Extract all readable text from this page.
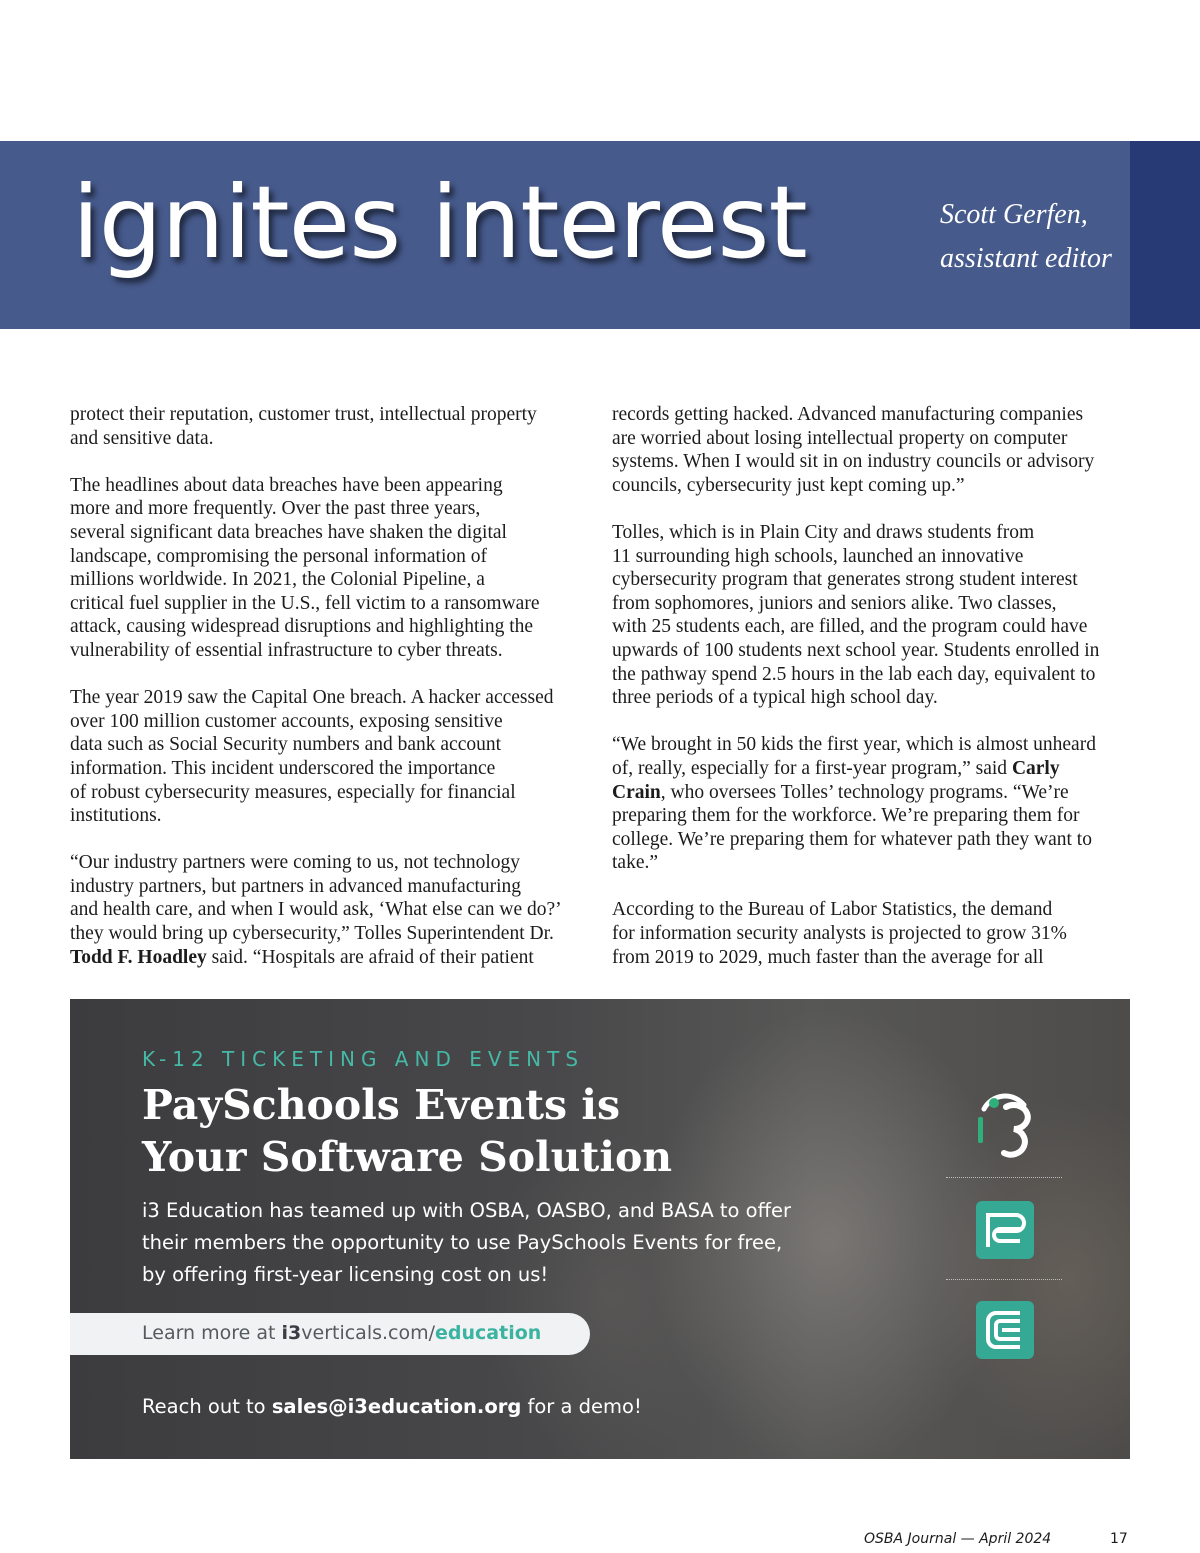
ignites interest	Scott Gerfen,
assistant editor

protect their reputation, customer trust, intellectual property
and sensitive data.

The headlines about data breaches have been appearing
more and more frequently. Over the past three years,
several significant data breaches have shaken the digital
landscape, compromising the personal information of
millions worldwide. In 2021, the Colonial Pipeline, a
critical fuel supplier in the U.S., fell victim to a ransomware
attack, causing widespread disruptions and highlighting the
vulnerability of essential infrastructure to cyber threats.

The year 2019 saw the Capital One breach. A hacker accessed
over 100 million customer accounts, exposing sensitive
data such as Social Security numbers and bank account
information. This incident underscored the importance
of robust cybersecurity measures, especially for financial
institutions.

“Our industry partners were coming to us, not technology
industry partners, but partners in advanced manufacturing
and health care, and when I would ask, ‘What else can we do?’
they would bring up cybersecurity,” Tolles Superintendent Dr.
Todd F. Hoadley said. “Hospitals are afraid of their patient

records getting hacked. Advanced manufacturing companies
are worried about losing intellectual property on computer
systems. When I would sit in on industry councils or advisory
councils, cybersecurity just kept coming up.”

Tolles, which is in Plain City and draws students from
11 surrounding high schools, launched an innovative
cybersecurity program that generates strong student interest
from sophomores, juniors and seniors alike. Two classes,
with 25 students each, are filled, and the program could have
upwards of 100 students next school year. Students enrolled in
the pathway spend 2.5 hours in the lab each day, equivalent to
three periods of a typical high school day.

“We brought in 50 kids the first year, which is almost unheard
of, really, especially for a first-year program,” said Carly
Crain, who oversees Tolles’ technology programs. “We’re
preparing them for the workforce. We’re preparing them for
college. We’re preparing them for whatever path they want to
take.”

According to the Bureau of Labor Statistics, the demand
for information security analysts is projected to grow 31%
from 2019 to 2029, much faster than the average for all

K-12 TICKETING AND EVENTS
PaySchools Events is
Your Software Solution
i3 Education has teamed up with OSBA, OASBO, and BASA to offer
their members the opportunity to use PaySchools Events for free,
by offering first-year licensing cost on us!
Learn more at i3verticals.com/education
Reach out to sales@i3education.org for a demo!
OSBA Journal — April 2024	17
